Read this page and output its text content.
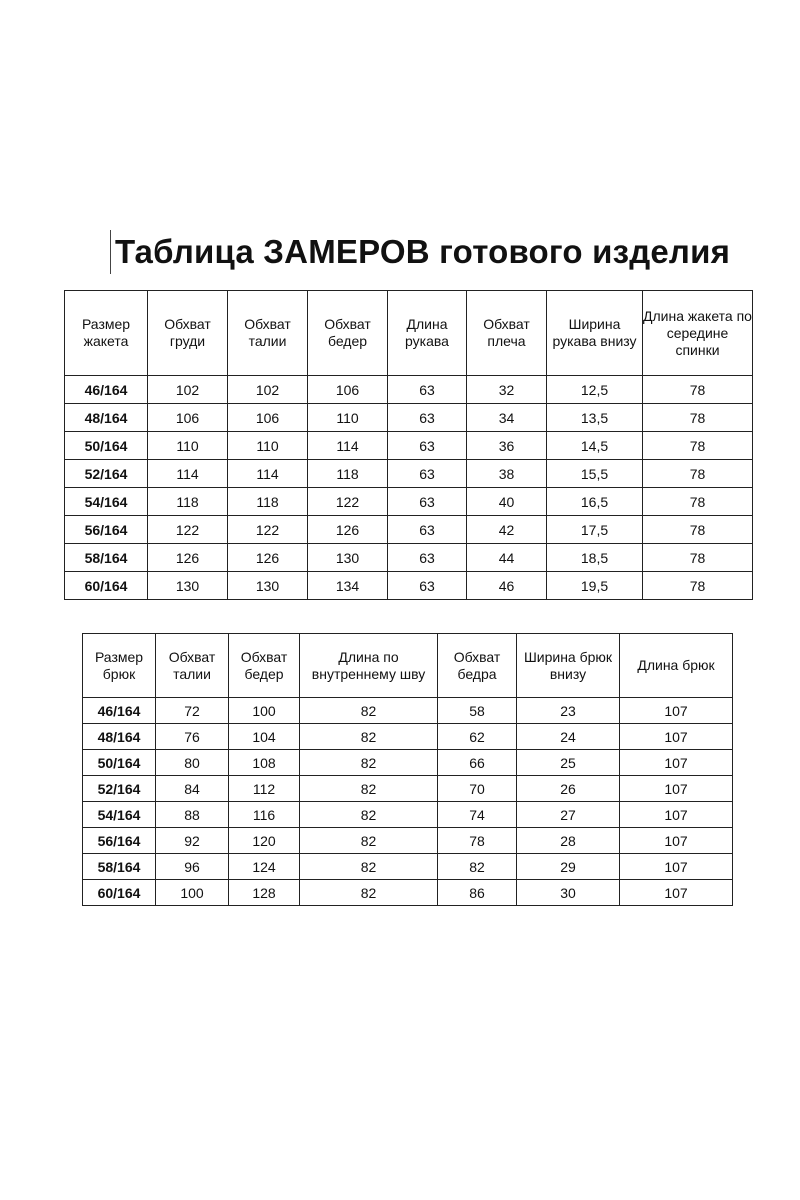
Таблица ЗАМЕРОВ готового изделия
Размер жакета	Обхват груди	Обхват талии	Обхват бедер	Длина рукава	Обхват плеча	Ширина рукава внизу	Длина жакета по середине спинки
46/164	102	102	106	63	32	12,5	78
48/164	106	106	110	63	34	13,5	78
50/164	110	110	114	63	36	14,5	78
52/164	114	114	118	63	38	15,5	78
54/164	118	118	122	63	40	16,5	78
56/164	122	122	126	63	42	17,5	78
58/164	126	126	130	63	44	18,5	78
60/164	130	130	134	63	46	19,5	78
Размер брюк	Обхват талии	Обхват бедер	Длина по внутреннему шву	Обхват бедра	Ширина брюк внизу	Длина брюк
46/164	72	100	82	58	23	107
48/164	76	104	82	62	24	107
50/164	80	108	82	66	25	107
52/164	84	112	82	70	26	107
54/164	88	116	82	74	27	107
56/164	92	120	82	78	28	107
58/164	96	124	82	82	29	107
60/164	100	128	82	86	30	107
